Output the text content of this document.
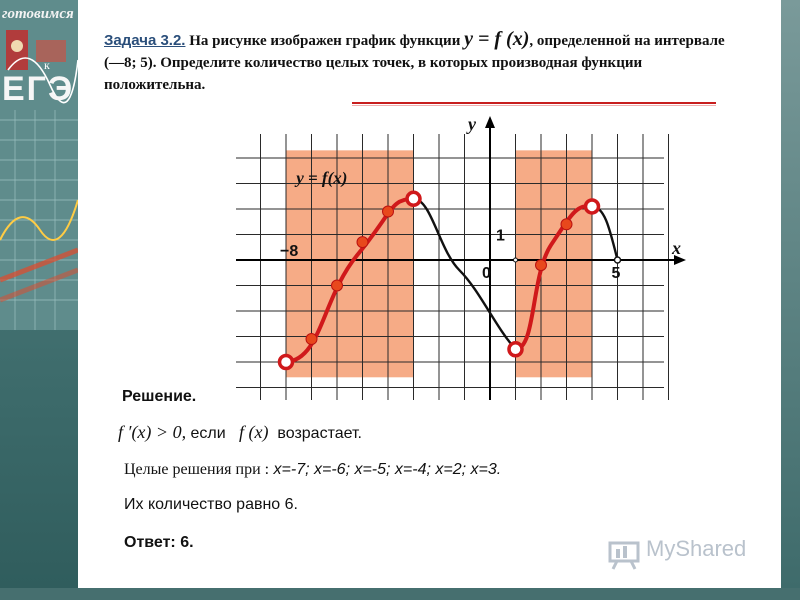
готовимся
к
ЕГЭ
Задача 3.2. На рисунке изображен график функции y = f (x), определенной на интервале (—8; 5). Определите количество целых точек, в которых производная функции положительна.
y
x
−8
0
1
5
y = f(x)
Решение.
f ′(x) > 0, если f (x) возрастает.
Целые решения при : x=-7; x=-6; x=-5; x=-4; x=2; x=3.
Их количество равно 6.
Ответ: 6.	MyShared
